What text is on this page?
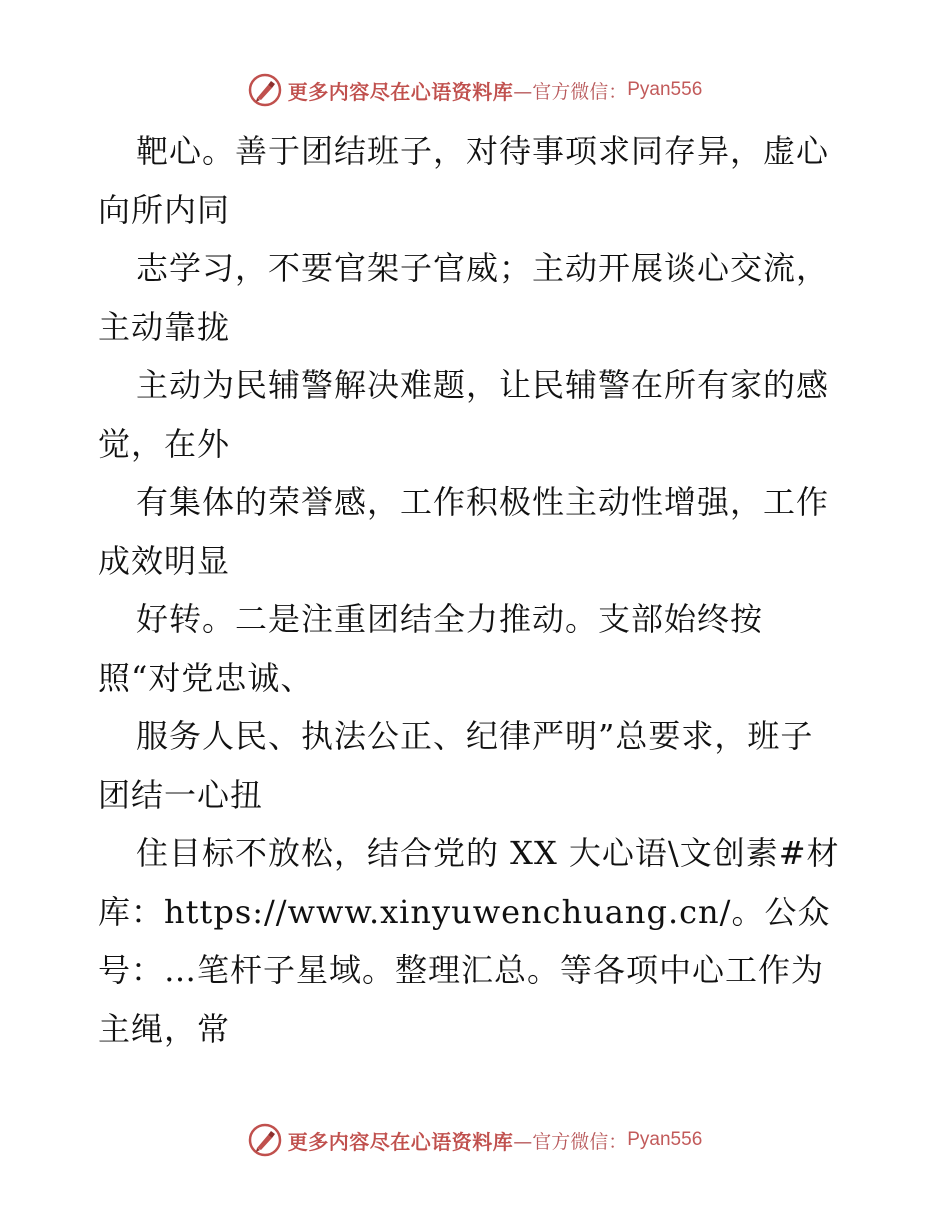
更多内容尽在心语资料库 —官方微信： Pyan556
靶心。善于团结班子，对待事项求同存异，虚心
向所内同
志学习，不要官架子官威；主动开展谈心交流，
主动靠拢
主动为民辅警解决难题，让民辅警在所有家的感
觉，在外
有集体的荣誉感，工作积极性主动性增强，工作
成效明显
好转。二是注重团结全力推动。支部始终按
照“对党忠诚、
服务人民、执法公正、纪律严明”总要求，班子
团结一心扭
住目标不放松，结合党的 XX 大心语\文创素#材
库：https://www.xinyuwenchuang.cn/。公众
号：…笔杆子星域。整理汇总。等各项中心工作为
主绳，常
更多内容尽在心语资料库 —官方微信： Pyan556
